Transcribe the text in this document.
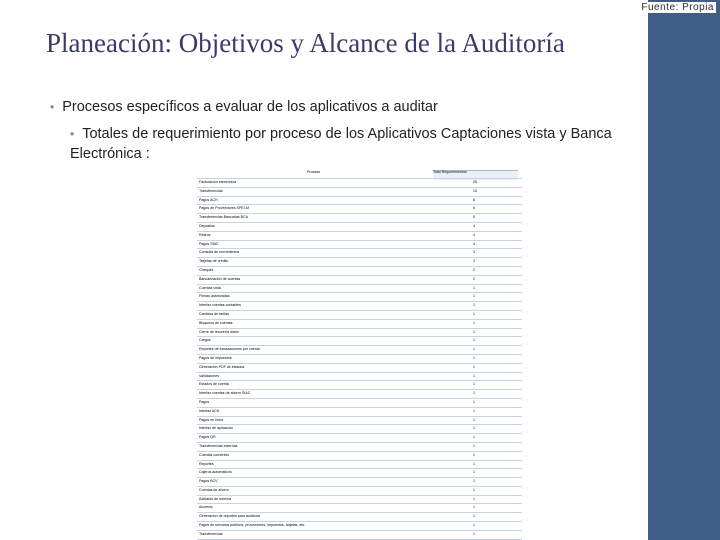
Fuente: Propia
Planeación: Objetivos y Alcance de la Auditoría
• Procesos específicos a evaluar de los aplicativos a auditar
• Totales de requerimiento por proceso de los Aplicativos Captaciones vista y Banca Electrónica :
Proceso	Total Requerimientos
Facturación electrónica	26
Transferencias	10
Pagos ACH	8
Pagos de Proveedores SPEI-M	6
Transferencias Bancarias BCA	5
Depósitos	4
Retiros	4
Pagos SIAC	4
Consulta de movimientos	3
Tarjetas de crédito	3
Cheques	2
Bancarización de cuentas	2
Cuentas vista	1
Firmas autorizadas	1
Interfaz cuentas contables	1
Cambios de tarifas	1
Bloqueos de cuentas	1
Cierre de tesorería diario	1
Cargos	1
Reportes de transacciones por cuenta	1
Pagos de impuestos	1
Generación PDF de estados	1
Validaciones	1
Estados de cuenta	1
Interfaz cuentas de ahorro SIAC	1
Pagos	1
Interfaz ACH	1
Pagos en línea	1
Interfaz de aplicación	1
Pagos QR	1
Transferencias externas	1
Cuentas corrientes	1
Reportes	1
Cajeros automáticos	1
Pagos BCV	1
Cuentas de ahorro	1
Adelanto de nómina	1
Accesos	1
Generación de reportes para auditoría	1
Pagos de servicios públicos, proveedores, impuestos, tarjetas, etc.	1
Transferencias	1
